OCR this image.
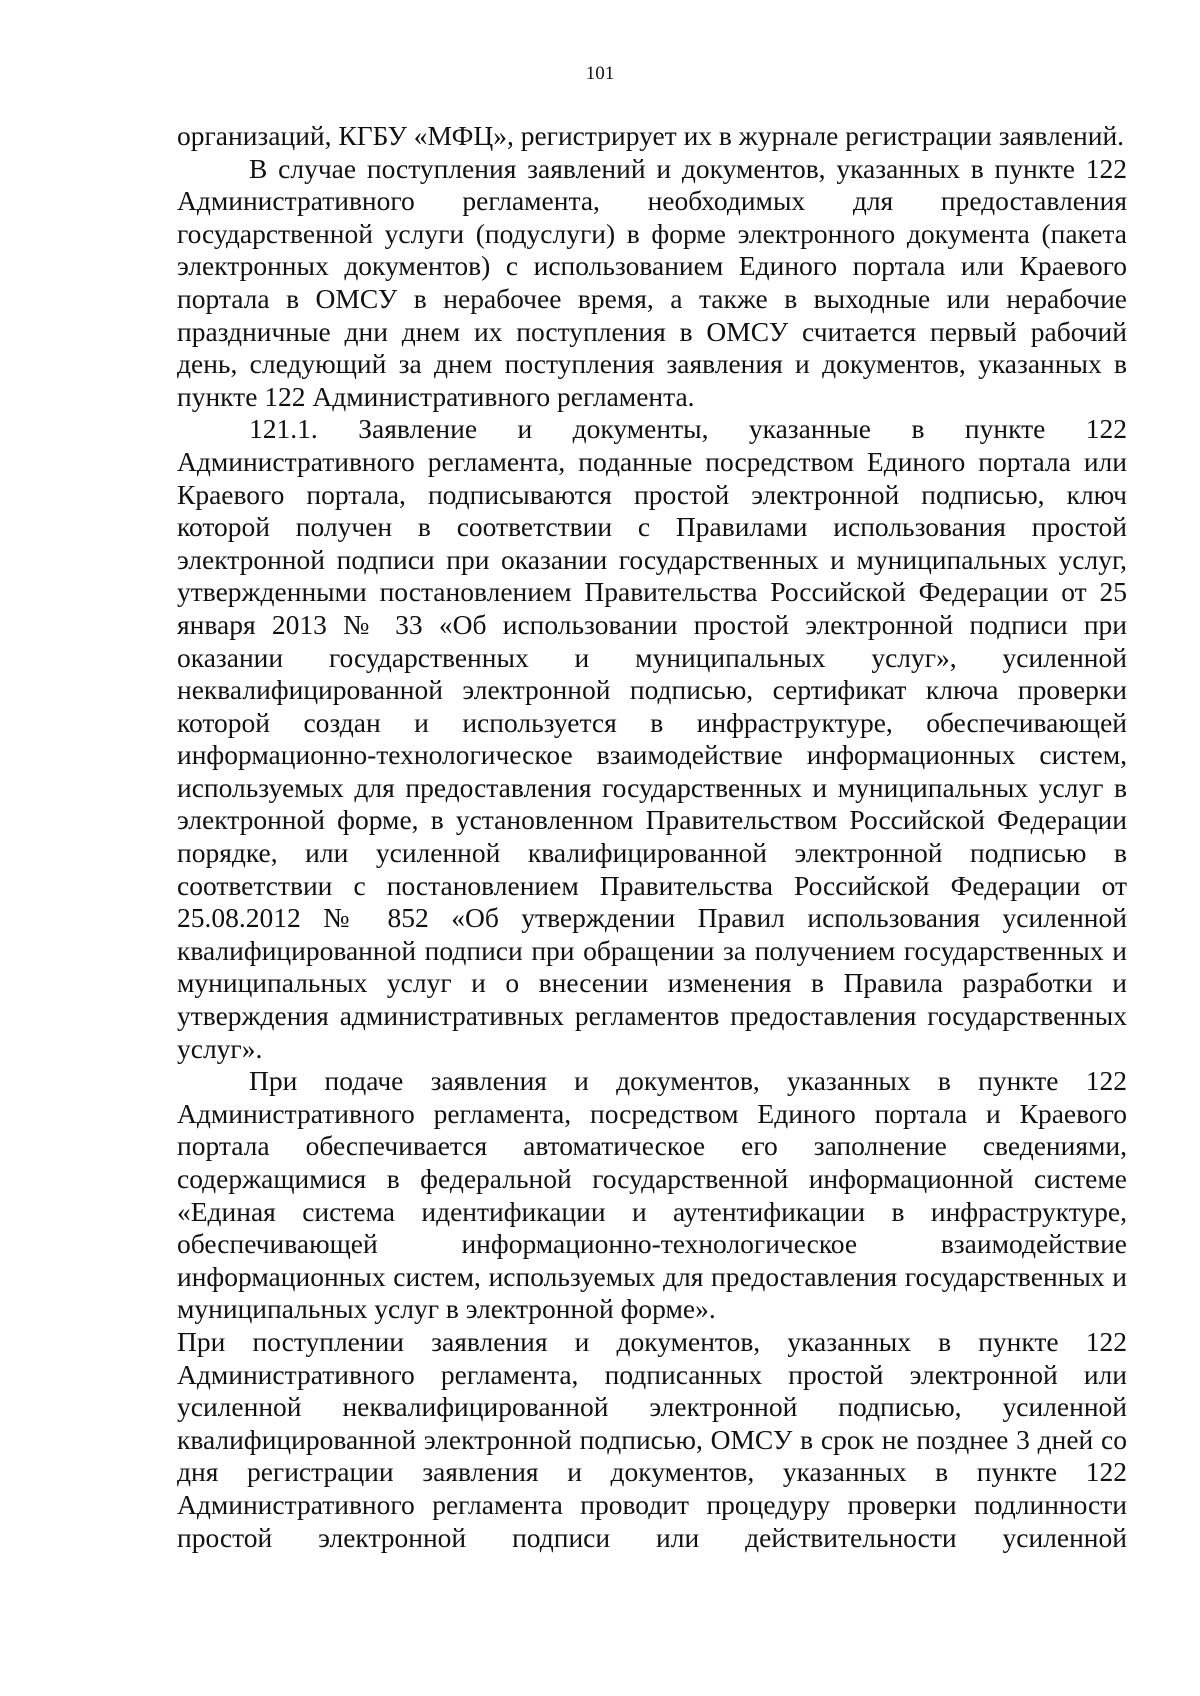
101

организаций, КГБУ «МФЦ», регистрирует их в журнале регистрации заявлений.

В случае поступления заявлений и документов, указанных в пункте 122 Административного регламента, необходимых для предоставления государственной услуги (подуслуги) в форме электронного документа (пакета электронных документов) с использованием Единого портала или Краевого портала в ОМСУ в нерабочее время, а также в выходные или нерабочие праздничные дни днем их поступления в ОМСУ считается первый рабочий день, следующий за днем поступления заявления и документов, указанных в пункте 122 Административного регламента.

121.1. Заявление и документы, указанные в пункте 122 Административного регламента, поданные посредством Единого портала или Краевого портала, подписываются простой электронной подписью, ключ которой получен в соответствии с Правилами использования простой электронной подписи при оказании государственных и муниципальных услуг, утвержденными постановлением Правительства Российской Федерации от 25 января 2013 № 33 «Об использовании простой электронной подписи при оказании государственных и муниципальных услуг», усиленной неквалифицированной электронной подписью, сертификат ключа проверки которой создан и используется в инфраструктуре, обеспечивающей информационно-технологическое взаимодействие информационных систем, используемых для предоставления государственных и муниципальных услуг в электронной форме, в установленном Правительством Российской Федерации порядке, или усиленной квалифицированной электронной подписью в соответствии с постановлением Правительства Российской Федерации от 25.08.2012 № 852 «Об утверждении Правил использования усиленной квалифицированной подписи при обращении за получением государственных и муниципальных услуг и о внесении изменения в Правила разработки и утверждения административных регламентов предоставления государственных услуг».

При подаче заявления и документов, указанных в пункте 122 Административного регламента, посредством Единого портала и Краевого портала обеспечивается автоматическое его заполнение сведениями, содержащимися в федеральной государственной информационной системе «Единая система идентификации и аутентификации в инфраструктуре, обеспечивающей информационно-технологическое взаимодействие информационных систем, используемых для предоставления государственных и муниципальных услуг в электронной форме».

При поступлении заявления и документов, указанных в пункте 122 Административного регламента, подписанных простой электронной или усиленной неквалифицированной электронной подписью, усиленной квалифицированной электронной подписью, ОМСУ в срок не позднее 3 дней со дня регистрации заявления и документов, указанных в пункте 122 Административного регламента проводит процедуру проверки подлинности простой электронной подписи или действительности усиленной
